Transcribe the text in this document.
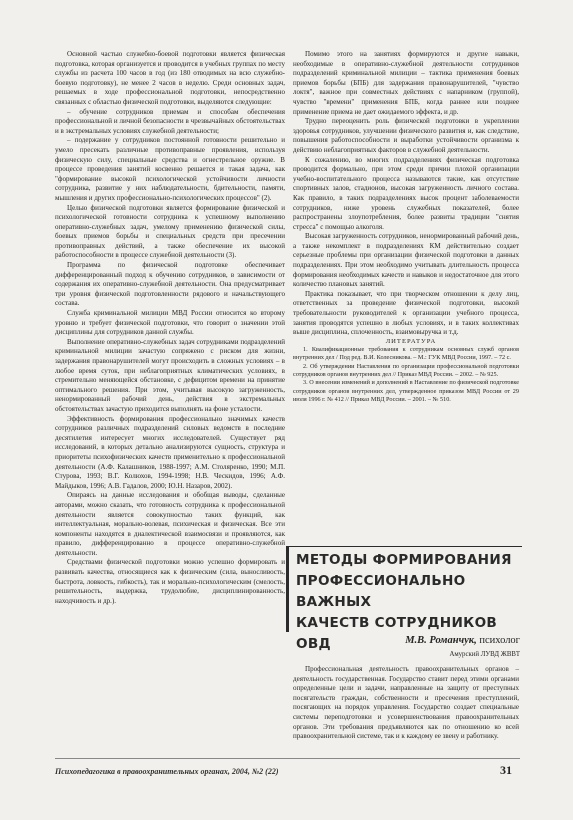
Основной частью служебно-боевой подготовки является физическая подготовка, которая организуется и проводится в учебных группах по месту службы из расчета 100 часов в год (из 180 отводимых на всю служебно-боевую подготовку), не менее 2 часов в неделю. Среди основных задач, решаемых в ходе профессиональной подготовки, непосредственно связанных с областью физической подготовки, выделяются следующие:

– обучение сотрудников приемам и способам обеспечения профессиональной и личной безопасности в чрезвычайных обстоятельствах и в экстремальных условиях служебной деятельности;

– подержание у сотрудников постоянной готовности решительно и умело пресекать различные противоправные проявления, используя физическую силу, специальные средства и огнестрельное оружие. В процессе проведения занятий косвенно решается и такая задача, как "формирование высокой психологической устойчивости личности сотрудника, развитие у них наблюдательности, бдительности, памяти, мышления и других профессионально-психологических процессов" (2).

Целью физической подготовки является формирование физической и психологической готовности сотрудника к успешному выполнению оперативно-служебных задач, умелому применению физической силы, боевых приемов борьбы и специальных средств при пресечении противоправных действий, а также обеспечение их высокой работоспособности в процессе служебной деятельности (3).

Программа по физической подготовке обеспечивает дифференцированный подход к обучению сотрудников, в зависимости от содержания их оперативно-служебной деятельности. Она предусматривает три уровня физической подготовленности рядового и начальствующего состава.

Служба криминальной милиции МВД России относится ко второму уровню и требует физической подготовки, что говорит о значении этой дисциплины для сотрудников данной службы.

Выполнение оперативно-служебных задач сотрудниками подразделений криминальной милиции зачастую сопряжено с риском для жизни, задержания правонарушителей могут происходить в сложных условиях – в любое время суток, при неблагоприятных климатических условиях, в стремительно меняющейся обстановке, с дефицитом времени на принятие оптимального решения. При этом, учитывая высокую загруженность, ненормированный рабочий день, действия в экстремальных обстоятельствах зачастую приходится выполнять на фоне усталости.

Эффективность формирования профессионально значимых качеств сотрудников различных подразделений силовых ведомств в последние десятилетия интересует многих исследователей. Существует ряд исследований, в которых детально анализируются сущность, структура и приоритеты психофизических качеств применительно к профессиональной деятельности (А.Ф. Калашников, 1988-1997; А.М. Столяренко, 1990; М.П. Стурова, 1993; В.Г. Колюхов, 1994-1998; Н.В. Ческидов, 1996; А.Ф. Майдыков, 1996; А.В. Гадалов, 2000; Ю.Н. Назаров, 2002).

Опираясь на данные исследования и обобщая выводы, сделанные авторами, можно сказать, что готовность сотрудника к профессиональной деятельности является совокупностью таких функций, как интеллектуальная, морально-волевая, психическая и физическая. Все эти компоненты находятся в диалектической взаимосвязи и проявляются, как правило, дифференцированно в процессе оперативно-служебной деятельности.

Средствами физической подготовки можно успешно формировать и развивать качества, относящиеся как к физическим (сила, выносливость, быстрота, ловкость, гибкость), так и морально-психологическим (смелость, решительность, выдержка, трудолюбие, дисциплинированность, находчивость и др.).

Помимо этого на занятиях формируются и другие навыки, необходимые в оперативно-служебной деятельности сотрудников подразделений криминальной милиции – тактика применения боевых приемов борьбы (БПБ) для задержания правонарушителей, "чувство локтя", важное при совместных действиях с напарником (группой), чувство "времени" применения БПБ, когда раннее или позднее применение приема не дает ожидаемого эффекта, и др.

Трудно переоценить роль физической подготовки в укреплении здоровья сотрудников, улучшении физического развития и, как следствие, повышения работоспособности и выработки устойчивости организма к действию неблагоприятных факторов в служебной деятельности.

К сожалению, во многих подразделениях физическая подготовка проводится формально, при этом среди причин плохой организации учебно-воспитательного процесса называются такие, как отсутствие спортивных залов, стадионов, высокая загруженность личного состава. Как правило, в таких подразделениях высок процент заболеваемости сотрудников, ниже уровень служебных показателей, более распространены злоупотребления, более развиты традиции "снятия стресса" с помощью алкоголя.

Высокая загруженность сотрудников, ненормированный рабочий день, а также некомплект в подразделениях КМ действительно создает серьезные проблемы при организации физической подготовки в данных подразделениях. При этом необходимо учитывать длительность процесса формирования необходимых качеств и навыков и недостаточное для этого количество плановых занятий.

Практика показывает, что при творческом отношении к делу лиц, ответственных за проведение физической подготовки, высокой требовательности руководителей к организации учебного процесса, занятия проводятся успешно в любых условиях, и в таких коллективах выше дисциплина, сплоченность, взаимовыручка и т.д.

ЛИТЕРАТУРА

1. Квалификационные требования к сотрудникам основных служб органов внутренних дел / Под ред. В.И. Колесникова. – М.: ГУК МВД России, 1997. – 72 с.

2. Об утверждении Наставления по организации профессиональной подготовки сотрудников органов внутренних дел // Приказ МВД России. – 2002. – № 925.

3. О внесении изменений и дополнений в Наставление по физической подготовке сотрудников органов внутренних дел, утвержденное приказом МВД России от 29 июля 1996 г. № 412 // Приказ МВД России. – 2001. – № 510.

МЕТОДЫ ФОРМИРОВАНИЯ
ПРОФЕССИОНАЛЬНО ВАЖНЫХ
КАЧЕСТВ СОТРУДНИКОВ ОВД	М.В. Романчук, психолог
Амурский ЛУВД ЖВВТ

Профессиональная деятельность правоохранительных органов – деятельность государственная. Государство ставит перед этими органами определенные цели и задачи, направленные на защиту от преступных посягательств граждан, собственности и пресечения преступлений, посягающих на порядок управления. Государство создает специальные системы переподготовки и усовершенствования правоохранительных органов. Эти требования предъявляются как по отношению ко всей правоохранительной системе, так и к каждому ее звену и работнику.

Психопедагогика в правоохранительных органах, 2004, №2 (22)	31
